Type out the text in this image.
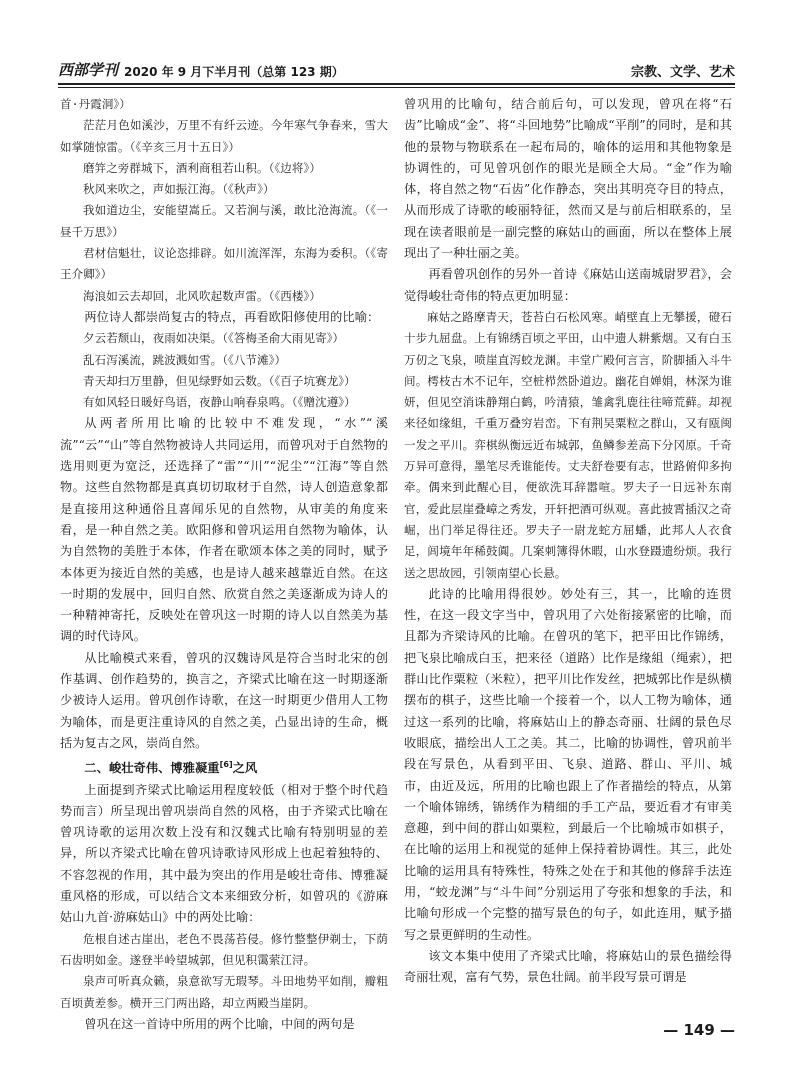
西部学刊 2020 年 9 月下半月刊（总第 123 期）	宗教、文学、艺术

首·丹霞洞》）

茫茫月色如溪沙，万里不有纤云迹。今年寒气争春来，雪大如掌随惊雷。（《辛亥三月十五日》）

磨笄之旁群城下，酒利商租若山积。（《边将》）

秋风来吹之，声如振江海。（《秋声》）

我如道边尘，安能望嵩丘。又若涧与溪，敢比沧海流。（《一昼千万思》）

君材信魁壮，议论恣排辟。如川流浑浑，东海为委积。（《寄王介卿》）

海浪如云去却回，北风吹起数声雷。（《西楼》）

两位诗人都崇尚复古的特点，再看欧阳修使用的比喻：

夕云若颓山，夜雨如决渠。（《答梅圣俞大雨见寄》）

乱石泻溪流，跳波溅如雪。（《八节滩》）

青天却扫万里静，但见绿野如云数。（《百子坑赛龙》）

有如风轻日暖好鸟语，夜静山响春泉鸣。（《赠沈遵》）

从两者所用比喻的比较中不难发现，“水”“溪流”“云”“山”等自然物被诗人共同运用，而曾巩对于自然物的选用则更为宽泛，还选择了“雷”“川”“泥尘”“江海”等自然物。这些自然物都是真真切切取材于自然，诗人创造意象都是直接用这种通俗且喜闻乐见的自然物，从审美的角度来看，是一种自然之美。欧阳修和曾巩运用自然物为喻体，认为自然物的美胜于本体，作者在歌颂本体之美的同时，赋予本体更为接近自然的美感，也是诗人越来越靠近自然。在这一时期的发展中，回归自然、欣赏自然之美逐渐成为诗人的一种精神寄托，反映处在曾巩这一时期的诗人以自然美为基调的时代诗风。

从比喻模式来看，曾巩的汉魏诗风是符合当时北宋的创作基调、创作趋势的，换言之，齐梁式比喻在这一时期逐渐少被诗人运用。曾巩创作诗歌，在这一时期更少借用人工物为喻体，而是更注重诗风的自然之美，凸显出诗的生命，概括为复古之风，崇尚自然。

二、峻壮奇伟、博雅凝重[6]之风

上面提到齐梁式比喻运用程度较低（相对于整个时代趋势而言）所呈现出曾巩崇尚自然的风格，由于齐梁式比喻在曾巩诗歌的运用次数上没有和汉魏式比喻有特别明显的差异，所以齐梁式比喻在曾巩诗歌诗风形成上也起着独特的、不容忽视的作用，其中最为突出的作用是峻壮奇伟、博雅凝重风格的形成，可以结合文本来细致分析，如曾巩的《游麻姑山九首·游麻姑山》中的两处比喻：

危根自述古崖出，老色不畏荡苔侵。修竹整整伊剃士，下荫石齿明如金。遂登半岭望城郭，但见积霭萦江浔。

泉声可听真众籁，泉意欲写无瑕琴。斗田地势平如削，瓣粗百顷黄差参。横开三门两出路，却立两殿当崖阴。

曾巩在这一首诗中所用的两个比喻，中间的两句是

曾巩用的比喻句，结合前后句，可以发现，曾巩在将“石齿”比喻成“金”、将“斗回地势”比喻成“平削”的同时，是和其他的景物与物联系在一起布局的，喻体的运用和其他物象是协调性的，可见曾巩创作的眼光是顾全大局。“金”作为喻体，将自然之物“石齿”化作静态，突出其明亮夺目的特点，从而形成了诗歌的峻丽特征，然而又是与前后相联系的，呈现在读者眼前是一副完整的麻姑山的画面，所以在整体上展现出了一种壮丽之美。

再看曾巩创作的另外一首诗《麻姑山送南城尉罗君》，会觉得峻壮奇伟的特点更加明显：

麻姑之路摩青天，苍苔白石松风寒。峭壁直上无攀援，磴石十步九屈盘。上有锦绣百顷之平田，山中遗人耕紫烟。又有白玉万仞之飞泉，喷崖直泻蛟龙渊。丰堂广殿何言言，阶脚插入斗牛间。樗枝古木不记年，空桩栉然卧道边。幽花自婵娟，林深为谁妍，但见空消诛静翔白鹤，吟清猿，雏禽乳鹿往往啼荒藓。却视来径如缘組，千重万叠穷岩峦。下有荆吴粟粒之群山，又有瓯闽一发之平川。弈棋纵衡远近布城郭，鱼鳞参差高下分冈原。千奇万异可意得，墨笔尽秃谁能传。丈夫舒卷要有志，世路俯仰多拘牵。偶来到此醒心目，便欲洗耳辞嚣喧。罗夫子一日远补东南官，爱此层崖叠嶂之秀发，开轩把酒可纵观。喜此披霄插汉之奇崛，出门举足得往还。罗夫子一尉龙蛇方屈蟠，此邦人人衣食足，闾境年年稀鼓阗。几案刺簿得休暇，山水登蹑遗纷烦。我行送之思故园，引领南望心长悬。

此诗的比喻用得很妙。妙处有三，其一，比喻的连贯性，在这一段文字当中，曾巩用了六处衔接紧密的比喻，而且都为齐梁诗风的比喻。在曾巩的笔下，把平田比作锦绣，把飞泉比喻成白玉，把来径（道路）比作是缘組（绳索），把群山比作粟粒（米粒），把平川比作发丝，把城郭比作是纵横摆布的棋子，这些比喻一个接着一个，以人工物为喻体，通过这一系列的比喻，将麻姑山上的静态奇丽、壮阔的景色尽收眼底，描绘出人工之美。其二，比喻的协调性，曾巩前半段在写景色，从看到平田、飞泉、道路、群山、平川、城市，由近及远，所用的比喻也跟上了作者描绘的特点，从第一个喻体锦绣，锦绣作为精细的手工产品，要近看才有审美意趣，到中间的群山如粟粒，到最后一个比喻城市如棋子，在比喻的运用上和视觉的延伸上保持着协调性。其三，此处比喻的运用具有特殊性，特殊之处在于和其他的修辞手法连用，“蛟龙渊”与“斗牛间”分别运用了夸张和想象的手法，和比喻句形成一个完整的描写景色的句子，如此连用，赋予描写之景更鲜明的生动性。

该文本集中使用了齐梁式比喻，将麻姑山的景色描绘得奇丽壮观，富有气势，景色壮阔。前半段写景可谓是

— 149 —
